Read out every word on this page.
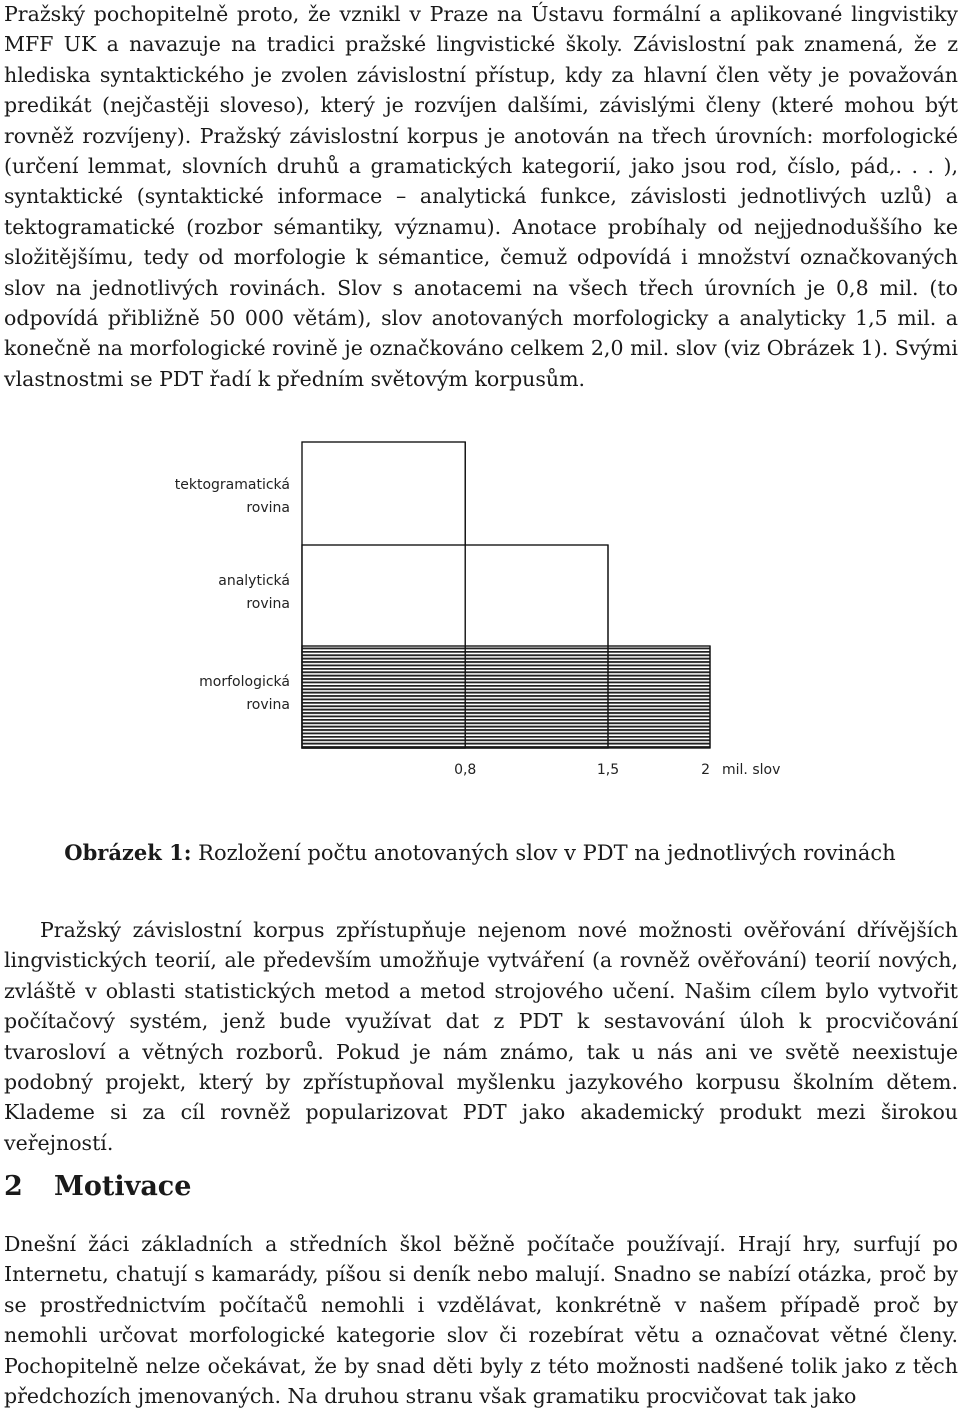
Pražský pochopitelně proto, že vznikl v Praze na Ústavu formální a aplikované lingvistiky MFF UK a navazuje na tradici pražské lingvistické školy. Závislostní pak znamená, že z hlediska syntaktického je zvolen závislostní přístup, kdy za hlavní člen věty je považován predikát (nejčastěji sloveso), který je rozvíjen dalšími, závislými členy (které mohou být rovněž rozvíjeny). Pražský závislostní korpus je anotován na třech úrovních: morfologické (určení lemmat, slovních druhů a gramatických kategorií, jako jsou rod, číslo, pád,. . . ), syntaktické (syntaktické informace – analytická funkce, závislosti jednotlivých uzlů) a tektogramatické (rozbor sémantiky, významu). Anotace probíhaly od nejjednoduššího ke složitějšímu, tedy od morfologie k sémantice, čemuž odpovídá i množství označkovaných slov na jednotlivých rovinách. Slov s anotacemi na všech třech úrovních je 0,8 mil. (to odpovídá přibližně 50 000 větám), slov anotovaných morfologicky a analyticky 1,5 mil. a konečně na morfologické rovině je označkováno celkem 2,0 mil. slov (viz Obrázek 1). Svými vlastnostmi se PDT řadí k předním světovým korpusům.

tektogramatická
rovina
analytická
rovina
morfologická
rovina
0,8	1,5	2 mil. slov

Obrázek 1: Rozložení počtu anotovaných slov v PDT na jednotlivých rovinách

Pražský závislostní korpus zpřístupňuje nejenom nové možnosti ověřování dřívějších lingvistických teorií, ale především umožňuje vytváření (a rovněž ověřování) teorií nových, zvláště v oblasti statistických metod a metod strojového učení. Našim cílem bylo vytvořit počítačový systém, jenž bude využívat dat z PDT k sestavování úloh k procvičování tvarosloví a větných rozborů. Pokud je nám známo, tak u nás ani ve světě neexistuje podobný projekt, který by zpřístupňoval myšlenku jazykového korpusu školním dětem. Klademe si za cíl rovněž popularizovat PDT jako akademický produkt mezi širokou veřejností.

2 Motivace

Dnešní žáci základních a středních škol běžně počítače používají. Hrají hry, surfují po Internetu, chatují s kamarády, píšou si deník nebo malují. Snadno se nabízí otázka, proč by se prostřednictvím počítačů nemohli i vzdělávat, konkrétně v našem případě proč by nemohli určovat morfologické kategorie slov či rozebírat větu a označovat větné členy. Pochopitelně nelze očekávat, že by snad děti byly z této možnosti nadšené tolik jako z těch předchozích jmenovaných. Na druhou stranu však gramatiku procvičovat tak jako
